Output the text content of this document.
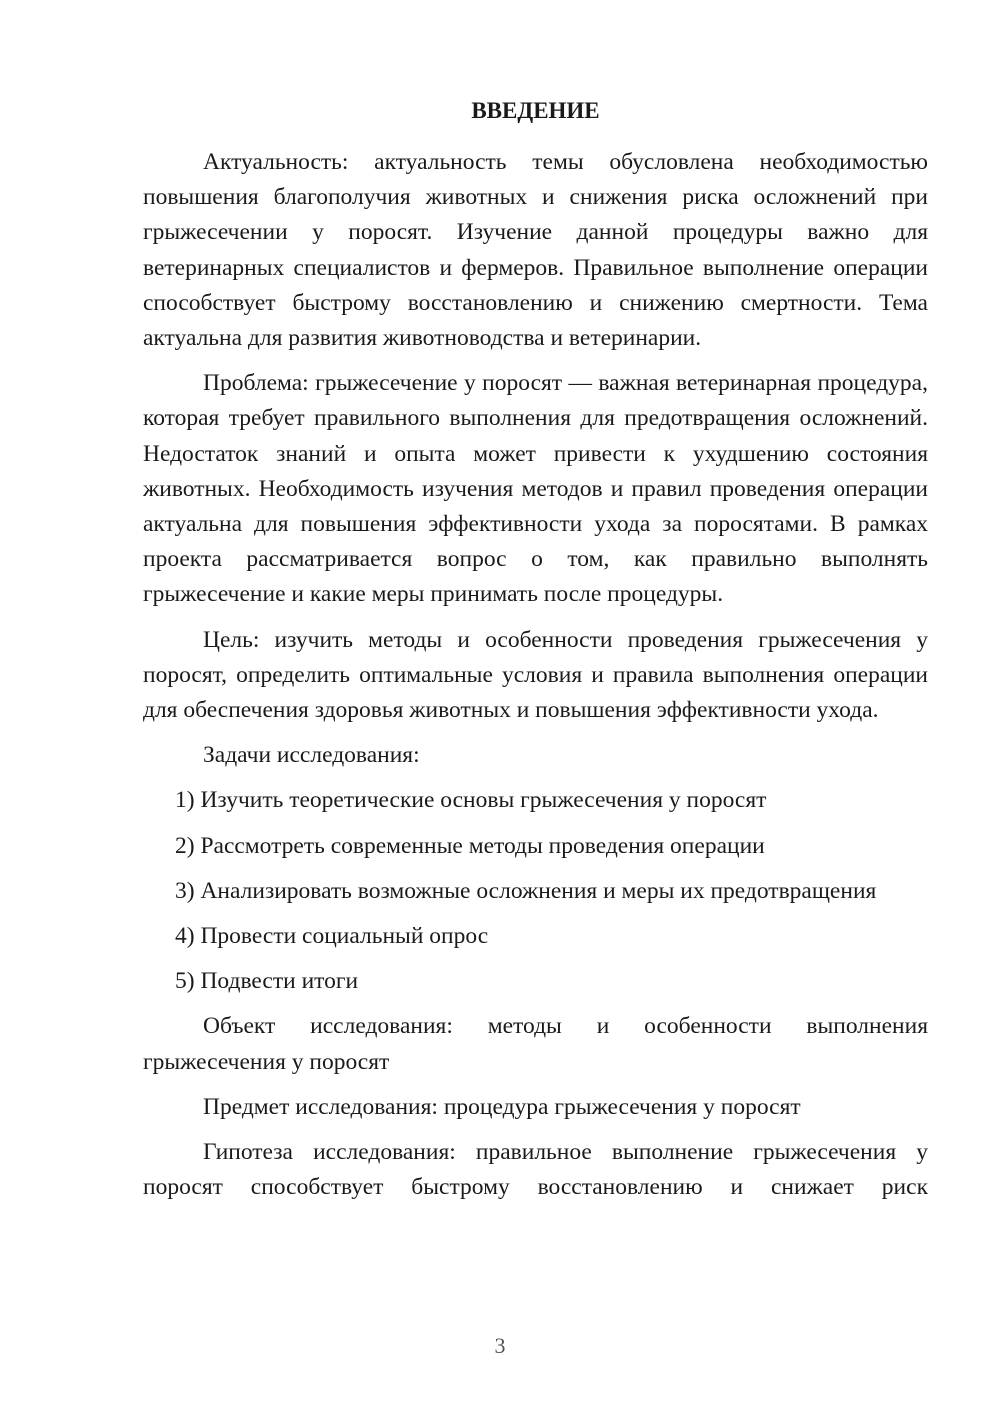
ВВЕДЕНИЕ

Актуальность: актуальность темы обусловлена необходимостью повышения благополучия животных и снижения риска осложнений при грыжесечении у поросят. Изучение данной процедуры важно для ветеринарных специалистов и фермеров. Правильное выполнение операции способствует быстрому восстановлению и снижению смертности. Тема актуальна для развития животноводства и ветеринарии.

Проблема: грыжесечение у поросят — важная ветеринарная процедура, которая требует правильного выполнения для предотвращения осложнений. Недостаток знаний и опыта может привести к ухудшению состояния животных. Необходимость изучения методов и правил проведения операции актуальна для повышения эффективности ухода за поросятами. В рамках проекта рассматривается вопрос о том, как правильно выполнять грыжесечение и какие меры принимать после процедуры.

Цель: изучить методы и особенности проведения грыжесечения у поросят, определить оптимальные условия и правила выполнения операции для обеспечения здоровья животных и повышения эффективности ухода.

Задачи исследования:

1) Изучить теоретические основы грыжесечения у поросят
2) Рассмотреть современные методы проведения операции
3) Анализировать возможные осложнения и меры их предотвращения
4) Провести социальный опрос
5) Подвести итоги

Объект исследования: методы и особенности выполнения грыжесечения у поросят

Предмет исследования: процедура грыжесечения у поросят

Гипотеза исследования: правильное выполнение грыжесечения у поросят способствует быстрому восстановлению и снижает риск

3
